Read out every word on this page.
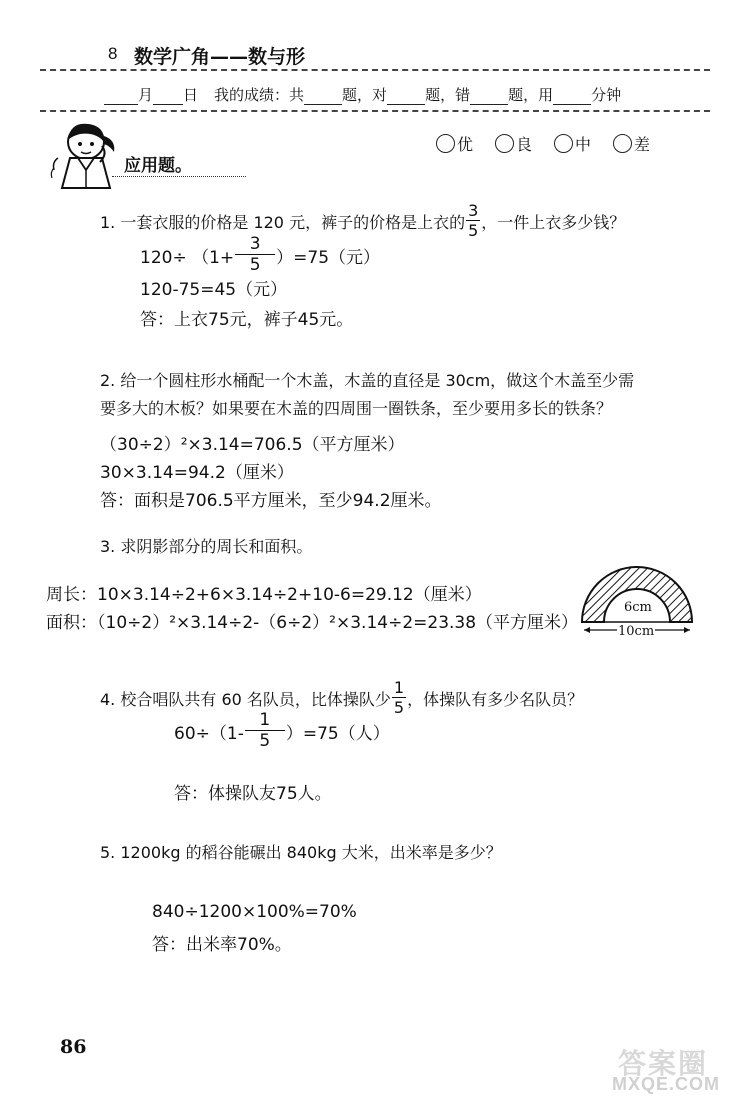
8 数学广角——数与形
月 日 我的成绩：共	题，对	题，错	题，用	分钟
应用题。
优	良	中	差
1. 一套衣服的价格是 120 元，裤子的价格是上衣的 $\frac{3}{5}$ ，一件上衣多少钱？
$120\div (1+ \frac{3}{5} )=75$（元）
120-75=45（元）
答：上衣75元，裤子45元。
2. 给一个圆柱形水桶配一个木盖，木盖的直径是 30cm，做这个木盖至少需
要多大的木板？如果要在木盖的四周围一圈铁条，至少要用多长的铁条？
（30÷2）²×3.14=706.5（平方厘米）
30×3.14=94.2（厘米）
答：面积是706.5平方厘米，至少94.2厘米。
3. 求阴影部分的周长和面积。
周长：10×3.14÷2+6×3.14÷2+10-6=29.12（厘米）
面积：（10÷2）²×3.14÷2-（6÷2）²×3.14÷2=23.38（平方厘米）
6cm
10cm
4. 校合唱队共有 60 名队员，比体操队少 $\frac{1}{5}$ ，体操队有多少名队员？
$60\div(1- \frac{1}{5} )=75$（人）
答：体操队友75人。
5. 1200kg 的稻谷能碾出 840kg 大米，出米率是多少？
840÷1200×100%=70%
答：出米率70%。
86	答案圈
MXQE.COM
